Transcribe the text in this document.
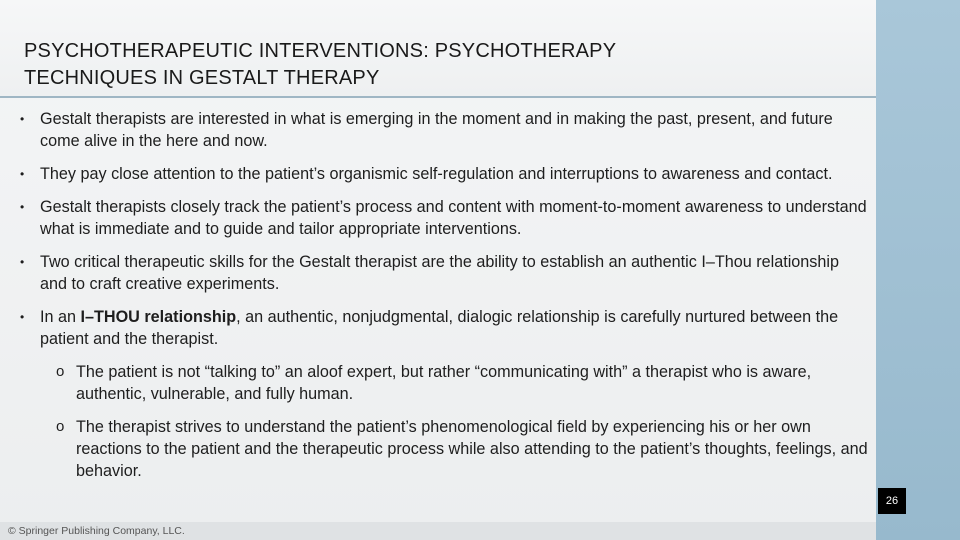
PSYCHOTHERAPEUTIC INTERVENTIONS: PSYCHOTHERAPY
TECHNIQUES IN GESTALT THERAPY
26
• Gestalt therapists are interested in what is emerging in the moment and in making the past, present, and future come alive in the here and now.
• They pay close attention to the patient’s organismic self-regulation and interruptions to awareness and contact.
• Gestalt therapists closely track the patient’s process and content with moment-to-moment awareness to understand what is immediate and to guide and tailor appropriate interventions.
• Two critical therapeutic skills for the Gestalt therapist are the ability to establish an authentic I–Thou relationship and to craft creative experiments.
• In an I–THOU relationship, an authentic, nonjudgmental, dialogic relationship is carefully nurtured between the patient and the therapist.
o The patient is not “talking to” an aloof expert, but rather “communicating with” a therapist who is aware, authentic, vulnerable, and fully human.
o The therapist strives to understand the patient’s phenomenological field by experiencing his or her own reactions to the patient and the therapeutic process while also attending to the patient’s thoughts, feelings, and behavior.
© Springer Publishing Company, LLC.
